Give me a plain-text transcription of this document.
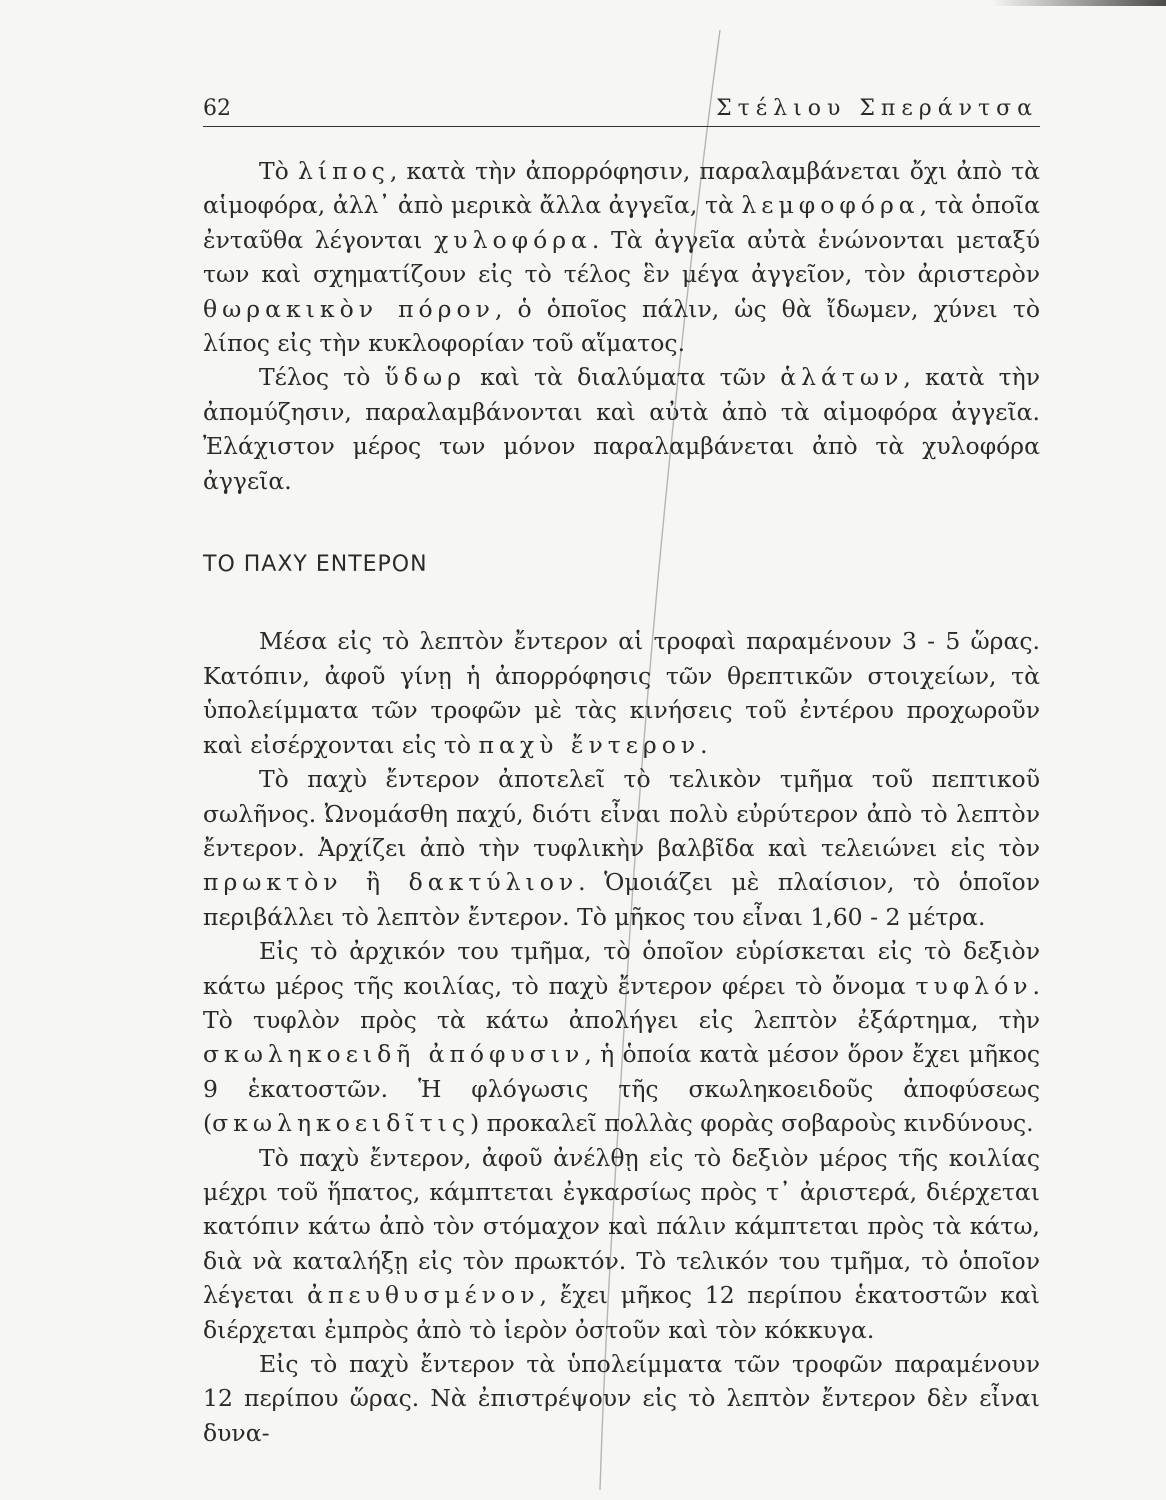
62	Στέλιου Σπεράντσα

Τὸ λίπος, κατὰ τὴν ἀπορρόφησιν, παραλαμβάνεται ὄχι ἀπὸ τὰ αἱμοφόρα, ἀλλ᾽ ἀπὸ μερικὰ ἄλλα ἀγγεῖα, τὰ λεμφοφόρα, τὰ ὁποῖα ἐνταῦθα λέγονται χυλοφόρα. Τὰ ἀγγεῖα αὐτὰ ἑνώνονται μεταξύ των καὶ σχηματίζουν εἰς τὸ τέλος ἓν μέγα ἀγγεῖον, τὸν ἀριστερὸν θωρακικὸν πόρον, ὁ ὁποῖος πάλιν, ὡς θὰ ἴδωμεν, χύνει τὸ λίπος εἰς τὴν κυκλοφορίαν τοῦ αἵματος.

Τέλος τὸ ὕδωρ καὶ τὰ διαλύματα τῶν ἁλάτων, κατὰ τὴν ἀπομύζησιν, παραλαμβάνονται καὶ αὐτὰ ἀπὸ τὰ αἱμοφόρα ἀγγεῖα. Ἐλάχιστον μέρος των μόνον παραλαμβάνεται ἀπὸ τὰ χυλοφόρα ἀγγεῖα.

ΤΟ ΠΑΧΥ ΕΝΤΕΡΟΝ

Μέσα εἰς τὸ λεπτὸν ἔντερον αἱ τροφαὶ παραμένουν 3 - 5 ὥρας. Κατόπιν, ἀφοῦ γίνῃ ἡ ἀπορρόφησις τῶν θρεπτικῶν στοιχείων, τὰ ὑπολείμματα τῶν τροφῶν μὲ τὰς κινήσεις τοῦ ἐντέρου προχωροῦν καὶ εἰσέρχονται εἰς τὸ παχὺ ἔντερον.

Τὸ παχὺ ἔντερον ἀποτελεῖ τὸ τελικὸν τμῆμα τοῦ πεπτικοῦ σωλῆνος. Ὠνομάσθη παχύ, διότι εἶναι πολὺ εὐρύτερον ἀπὸ τὸ λεπτὸν ἔντερον. Ἀρχίζει ἀπὸ τὴν τυφλικὴν βαλβῖδα καὶ τελειώνει εἰς τὸν πρωκτὸν ἢ δακτύλιον. Ὁμοιάζει μὲ πλαίσιον, τὸ ὁποῖον περιβάλλει τὸ λεπτὸν ἔντερον. Τὸ μῆκος του εἶναι 1,60 - 2 μέτρα.

Εἰς τὸ ἀρχικόν του τμῆμα, τὸ ὁποῖον εὑρίσκεται εἰς τὸ δεξιὸν κάτω μέρος τῆς κοιλίας, τὸ παχὺ ἔντερον φέρει τὸ ὄνομα τυφλόν. Τὸ τυφλὸν πρὸς τὰ κάτω ἀπολήγει εἰς λεπτὸν ἐξάρτημα, τὴν σκωληκοειδῆ ἀπόφυσιν, ἡ ὁποία κατὰ μέσον ὅρον ἔχει μῆκος 9 ἑκατοστῶν. Ἡ φλόγωσις τῆς σκωληκοειδοῦς ἀποφύσεως (σκωληκοειδῖτις) προκαλεῖ πολλὰς φορὰς σοβαροὺς κινδύνους.

Τὸ παχὺ ἔντερον, ἀφοῦ ἀνέλθῃ εἰς τὸ δεξιὸν μέρος τῆς κοιλίας μέχρι τοῦ ἥπατος, κάμπτεται ἐγκαρσίως πρὸς τ᾽ ἀριστερά, διέρχεται κατόπιν κάτω ἀπὸ τὸν στόμαχον καὶ πάλιν κάμπτεται πρὸς τὰ κάτω, διὰ νὰ καταλήξῃ εἰς τὸν πρωκτόν. Τὸ τελικόν του τμῆμα, τὸ ὁποῖον λέγεται ἀπευθυσμένον, ἔχει μῆκος 12 περίπου ἑκατοστῶν καὶ διέρχεται ἐμπρὸς ἀπὸ τὸ ἱερὸν ὀστοῦν καὶ τὸν κόκκυγα.

Εἰς τὸ παχὺ ἔντερον τὰ ὑπολείμματα τῶν τροφῶν παραμένουν 12 περίπου ὥρας. Νὰ ἐπιστρέψουν εἰς τὸ λεπτὸν ἔντερον δὲν εἶναι δυνα-
